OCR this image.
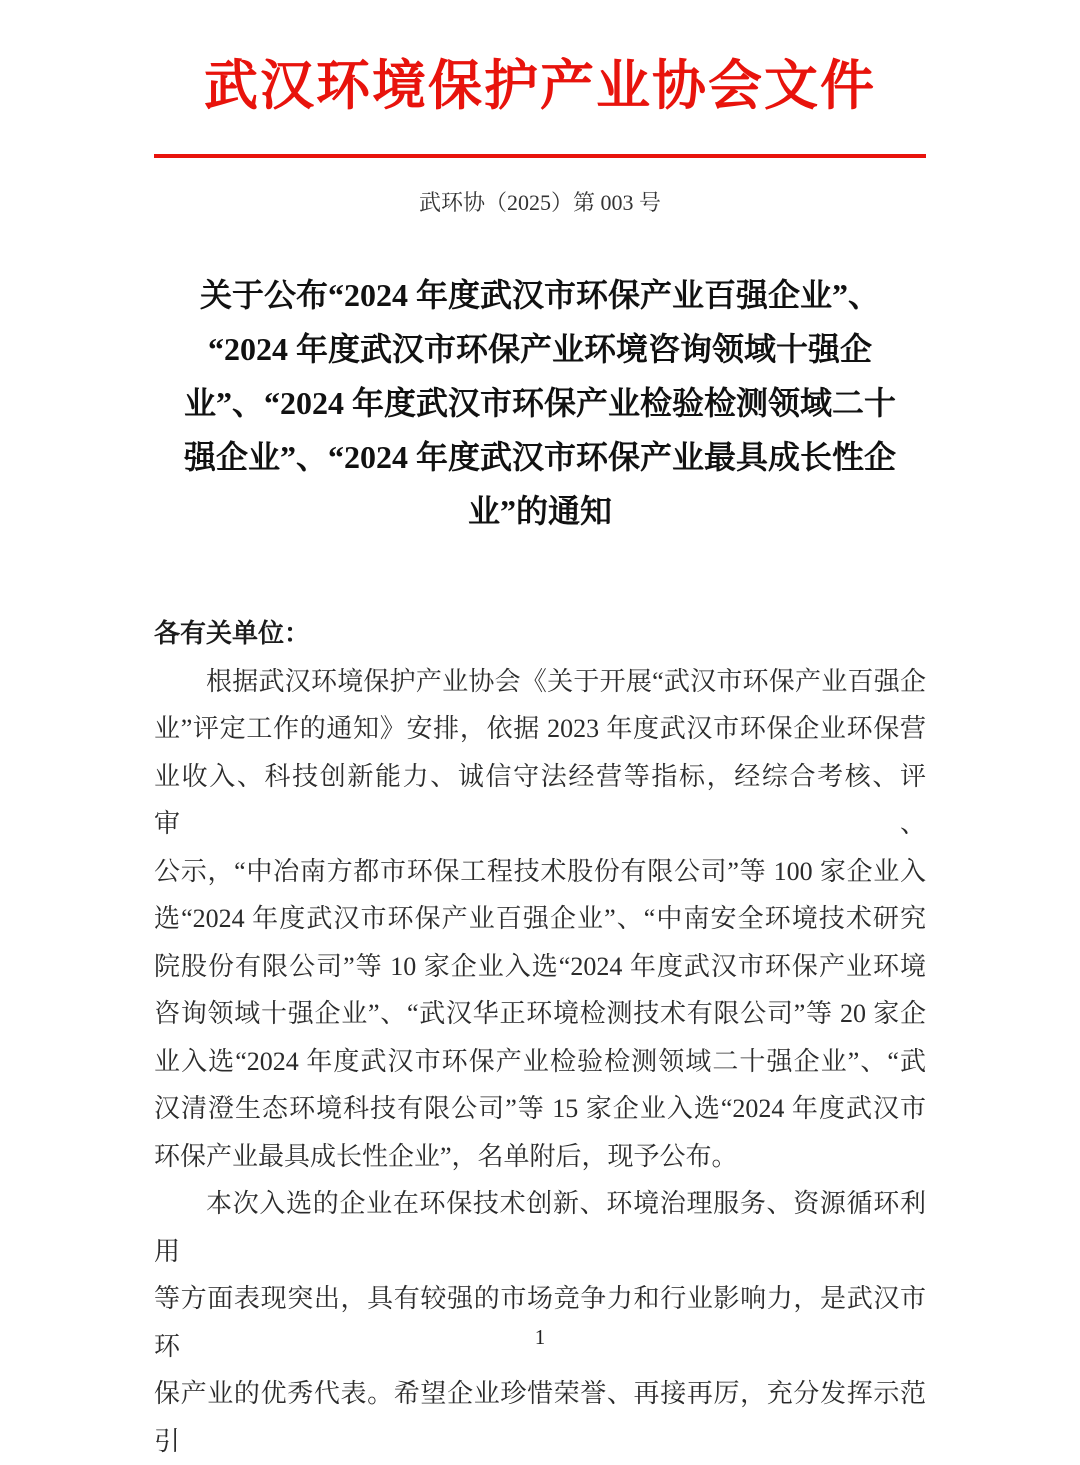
武汉环境保护产业协会文件
武环协（2025）第 003 号
关于公布“2024 年度武汉市环保产业百强企业”、
“2024 年度武汉市环保产业环境咨询领域十强企
业”、“2024 年度武汉市环保产业检验检测领域二十
强企业”、“2024 年度武汉市环保产业最具成长性企
业”的通知
各有关单位：
根据武汉环境保护产业协会《关于开展“武汉市环保产业百强企
业”评定工作的通知》安排，依据 2023 年度武汉市环保企业环保营
业收入、科技创新能力、诚信守法经营等指标，经综合考核、评审、
公示，“中冶南方都市环保工程技术股份有限公司”等 100 家企业入
选“2024 年度武汉市环保产业百强企业”、“中南安全环境技术研究
院股份有限公司”等 10 家企业入选“2024 年度武汉市环保产业环境
咨询领域十强企业”、“武汉华正环境检测技术有限公司”等 20 家企
业入选“2024 年度武汉市环保产业检验检测领域二十强企业”、“武
汉清澄生态环境科技有限公司”等 15 家企业入选“2024 年度武汉市
环保产业最具成长性企业”，名单附后，现予公布。
本次入选的企业在环保技术创新、环境治理服务、资源循环利用
等方面表现突出，具有较强的市场竞争力和行业影响力，是武汉市环
保产业的优秀代表。希望企业珍惜荣誉、再接再厉，充分发挥示范引
1
